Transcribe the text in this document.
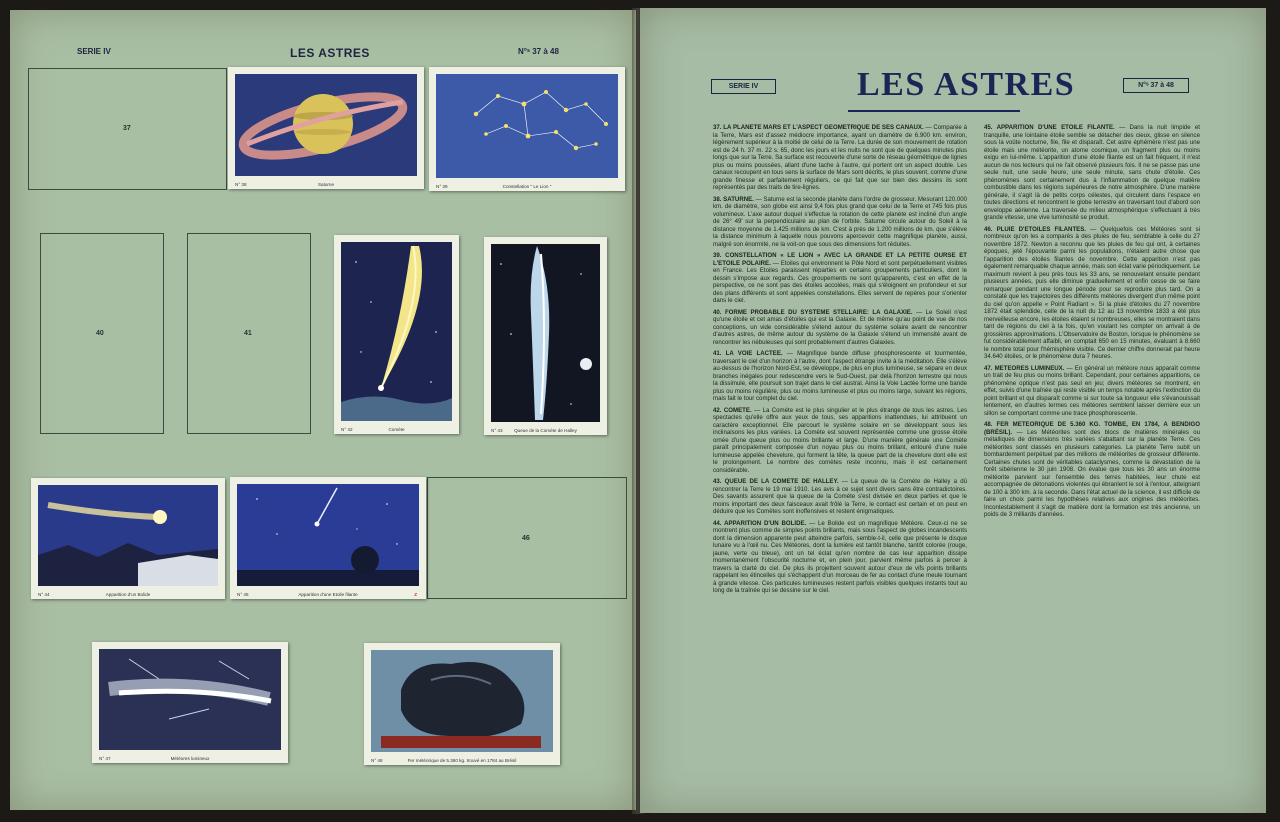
SERIE IV	LES ASTRES	N°ˢ 37 à 48
37
40	41
46
N° 38	Saturne	N° 39	Constellation " Le Lion "
N° 42	Comète	N° 43	Queue de la Comète de Halley
N° 44	Apparition d'un Bolide	N° 45	Apparition d'une Etoile filante	Z
N° 47	Météores lumineux	N° 48	Fer météorique de 5.360 kg. trouvé en 1784 au Brésil
SERIE IV	LES ASTRES	N°ˢ 37 à 48

37. LA PLANETE MARS ET L'ASPECT GEOMETRIQUE DE SES CANAUX. — Comparée à la Terre, Mars est d'assez médiocre importance, ayant un diamètre de 6.900 km. environ, légèrement supérieur à la moitié de celui de la Terre. La durée de son mouvement de rotation est de 24 h. 37 m. 22 s. 65, donc les jours et les nuits ne sont que de quelques minutes plus longs que sur la Terre. Sa surface est recouverte d'une sorte de réseau géométrique de lignes plus ou moins poussées, allant d'une tache à l'autre, qui portent ont un aspect double. Les canaux recoupent en tous sens la surface de Mars sont décrits, le plus souvent, comme d'une grande finesse et parfaitement réguliers, ce qui fait que sur bien des dessins ils sont représentés par des traits de tire-lignes.

38. SATURNE. — Saturne est la seconde planète dans l'ordre de grosseur. Mesurant 120.000 km. de diamètre, son globe est ainsi 9,4 fois plus grand que celui de la Terre et 745 fois plus volumineux. L'axe autour duquel s'effectue la rotation de cette planète est incliné d'un angle de 26° 49' sur la perpendiculaire au plan de l'orbite. Saturne circule autour du Soleil à la distance moyenne de 1.425 millions de km. C'est à près de 1.200 millions de km. que s'élève la distance minimum à laquelle nous pouvons apercevoir cette magnifique planète, aussi, malgré son énormité, ne la voit-on que sous des dimensions fort réduites.

39. CONSTELLATION « LE LION » AVEC LA GRANDE ET LA PETITE OURSE ET L'ETOILE POLAIRE. — Etoiles qui environnent le Pôle Nord et sont perpétuellement visibles en France. Les Etoiles paraissent réparties en certains groupements particuliers, dont le dessin s'impose aux regards. Ces groupements ne sont qu'apparents, c'est en effet de la perspective, ce ne sont pas des étoiles accolées, mais qui s'éloignent en profondeur et sur des plans différents et sont appelées constellations. Elles servent de repères pour s'orienter dans le ciel.

40. FORME PROBABLE DU SYSTEME STELLAIRE: LA GALAXIE. — Le Soleil n'est qu'une étoile et cet amas d'étoiles qui est la Galaxie. Et de même qu'au point de vue de nos conceptions, un vide considérable s'étend autour du système solaire avant de rencontrer d'autres astres, de même autour du système de la Galaxie s'étend un immensité avant de rencontrer les nébuleuses qui sont probablement d'autres Galaxies.

41. LA VOIE LACTEE. — Magnifique bande diffuse phosphorescente et tourmentée, traversant le ciel d'un horizon à l'autre, dont l'aspect étrange invite à la méditation. Elle s'élève au-dessus de l'horizon Nord-Est, se développe, de plus en plus lumineuse, se sépare en deux branches inégales pour redescendre vers le Sud-Ouest, par delà l'horizon terrestre qui nous la dissimule, elle poursuit son trajet dans le ciel austral. Ainsi la Voie Lactée forme une bande plus ou moins régulière, plus ou moins lumineuse et plus ou moins large, suivant les régions, mais fait le tour complet du ciel.

42. COMETE. — La Comète est le plus singulier et le plus étrange de tous les astres. Les spectacles qu'elle offre aux yeux de tous, ses apparitions inattendues, lui attribuent un caractère exceptionnel. Elle parcourt le système solaire en se développant sous les inclinaisons les plus variées. La Comète est souvent représentée comme une grosse étoile ornée d'une queue plus ou moins brillante et large. D'une manière générale une Comète paraît principalement composée d'un noyau plus ou moins brillant, entouré d'une nuée lumineuse appelée chevelure, qui forment la tête, la queue part de la chevelure dont elle est le prolongement. Le nombre des comètes reste inconnu, mais il est certainement considérable.

43. QUEUE DE LA COMETE DE HALLEY. — La queue de la Comète de Halley a dû rencontrer la Terre le 19 mai 1910. Les avis à ce sujet sont divers sans être contradictoires. Des savants assurent que la queue de la Comète s'est divisée en deux parties et que le moins important des deux faisceaux avait frôlé la Terre, le contact est certain et on peut en déduire que les Comètes sont inoffensives et restent énigmatiques.

44. APPARITION D'UN BOLIDE. — Le Bolide est un magnifique Météore. Ceux-ci ne se montrent plus comme de simples points brillants, mais sous l'aspect de globes incandescents dont la dimension apparente peut atteindre parfois, semble-t-il, celle que présente le disque lunaire vu à l'œil nu. Ces Météores, dont la lumière est tantôt blanche, tantôt colorée (rouge, jaune, verte ou bleue), ont un tel éclat qu'en nombre de cas leur apparition dissipe momentanément l'obscurité nocturne et, en plein jour, parvient même parfois à percer à travers la clarté du ciel. De plus ils projettent souvent autour d'eux de vifs points brillants rappelant les étincelles qui s'échappent d'un morceau de fer au contact d'une meule tournant à grande vitesse. Ces particules lumineuses restent parfois visibles quelques instants tout au long de la traînée qui se dessine sur le ciel.

45. APPARITION D'UNE ETOILE FILANTE. — Dans la nuit limpide et tranquille, une lointaine étoile semble se détacher des cieux, glisse en silence sous la voûte nocturne, file, file et disparaît. Cet astre éphémère n'est pas une étoile mais une météorite, un atome cosmique, un fragment plus ou moins exigu en lui-même. L'apparition d'une étoile filante est un fait fréquent, il n'est aucun de nos lecteurs qui ne l'ait observé plusieurs fois. Il ne se passe pas une seule nuit, une seule heure, une seule minute, sans chute d'étoile. Ces phénomènes sont certainement dus à l'inflammation de quelque matière combustible dans les régions supérieures de notre atmosphère. D'une manière générale, il s'agit là de petits corps célestes, qui circulent dans l'espace en toutes directions et rencontrent le globe terrestre en traversant tout d'abord son enveloppe aérienne. La traversée du milieu atmosphérique s'effectuant à très grande vitesse, une vive luminosité se produit.

46. PLUIE D'ETOILES FILANTES. — Quelquefois ces Météores sont si nombreux qu'on les a comparés à des pluies de feu, semblable à celle du 27 novembre 1872. Newton a reconnu que les pluies de feu qui ont, à certaines époques, jeté l'épouvante parmi les populations, n'étaient autre chose que l'apparition des étoiles filantes de novembre. Cette apparition n'est pas également remarquable chaque année, mais son éclat varie périodiquement. Le maximum revient à peu près tous les 33 ans, se renouvelant ensuite pendant plusieurs années, puis elle diminue graduellement et enfin cesse de se faire remarquer pendant une longue période pour se reproduire plus tard. On a constaté que les trajectoires des différents météores divergent d'un même point du ciel qu'on appelle « Point Radiant ». Si la pluie d'étoiles du 27 novembre 1872 était splendide, celle de la nuit du 12 au 13 novembre 1833 a été plus merveilleuse encore, les étoiles étaient si nombreuses, elles se montraient dans tant de régions du ciel à la fois, qu'en voulant les compter on arrivait à de grossières approximations. L'Observatoire de Boston, lorsque le phénomène se fut considérablement affaibli, en comptait 650 en 15 minutes, évaluant à 8.660 le nombre total pour l'hémisphère visible. Ce dernier chiffre donnerait par heure 34.640 étoiles, or le phénomène dura 7 heures.

47. METEORES LUMINEUX. — En général un météore nous apparaît comme un trait de feu plus ou moins brillant. Cependant, pour certaines apparitions, ce phénomène optique n'est pas seul en jeu; divers météores se montrent, en effet, suivis d'une traînée qui reste visible un temps notable après l'extinction du point brillant et qui disparaît comme si sur toute sa longueur elle s'évanouissait lentement, en d'autres termes ces météores semblent laisser derrière eux un sillon se comportant comme une trace phosphorescente.

48. FER METEORIQUE DE 5.360 KG. TOMBE, EN 1784, A BENDIGO (BRÉSIL). — Les Météorites sont des blocs de matières minérales ou métalliques de dimensions très variées s'abattant sur la planète Terre. Ces météorites sont classés en plusieurs catégories. La planète Terre subit un bombardement perpétuel par des millions de météorites de grosseur différente. Certaines chutes sont de véritables cataclysmes, comme la dévastation de la forêt sibérienne le 30 juin 1908. On évalue que tous les 30 ans un énorme météorite parvient sur l'ensemble des terres habitées, leur chute est accompagnée de détonations violentes qui ébranlent le sol à l'entour, atteignant de 100 à 300 km. à la seconde. Dans l'état actuel de la science, il est difficile de faire un choix parmi les hypothèses relatives aux origines des météorites. Incontestablement il s'agit de matière dont la formation est très ancienne, un poids de 3 milliards d'années.
